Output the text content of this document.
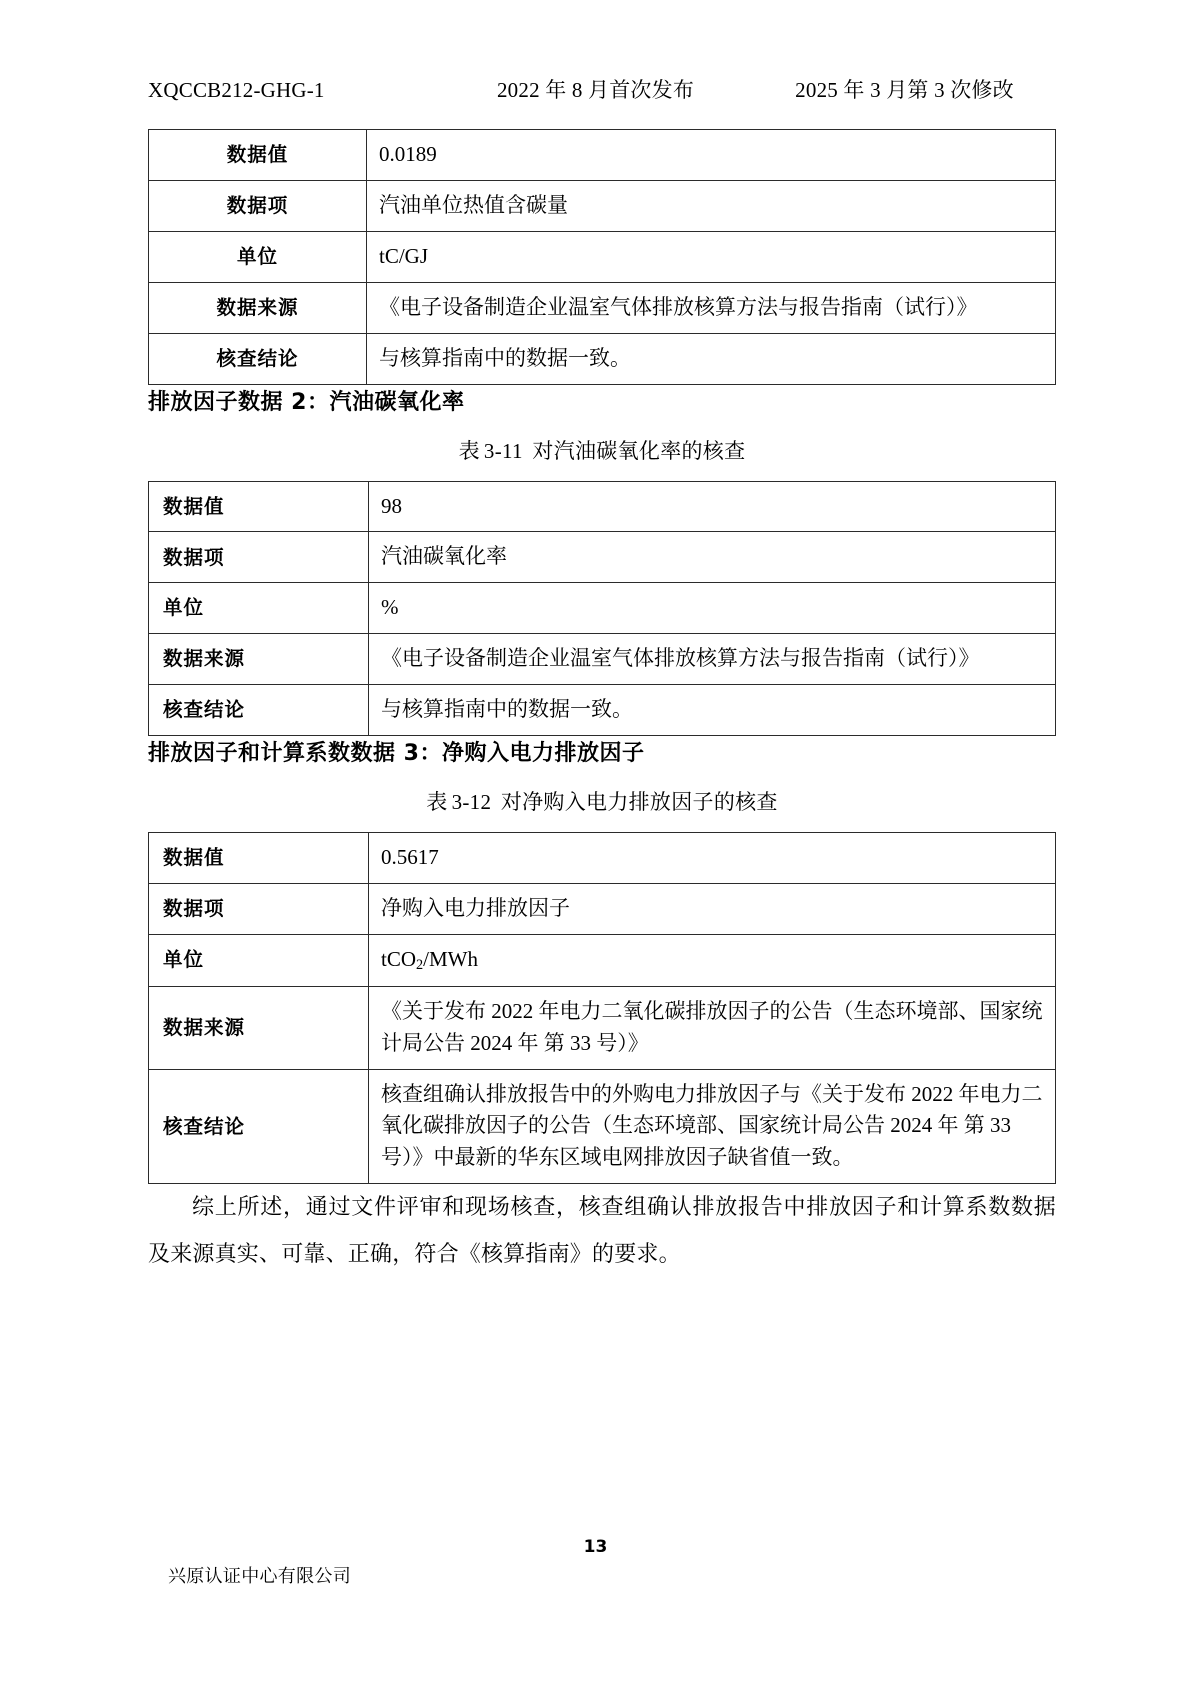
XQCCB212-GHG-1	2022 年 8 月首次发布	2025 年 3 月第 3 次修改
数据值	0.0189
数据项	汽油单位热值含碳量
单位	tC/GJ
数据来源	《电子设备制造企业温室气体排放核算方法与报告指南（试行）》
核查结论	与核算指南中的数据一致。
排放因子数据 2：汽油碳氧化率
表 3-11 对汽油碳氧化率的核查
数据值	98
数据项	汽油碳氧化率
单位	%
数据来源	《电子设备制造企业温室气体排放核算方法与报告指南（试行）》
核查结论	与核算指南中的数据一致。
排放因子和计算系数数据 3：净购入电力排放因子
表 3-12 对净购入电力排放因子的核查
数据值	0.5617
数据项	净购入电力排放因子
单位	tCO$_2$/MWh
数据来源	《关于发布 2022 年电力二氧化碳排放因子的公告（生态环境部、国家统计局公告 2024 年 第 33 号）》
核查结论	核查组确认排放报告中的外购电力排放因子与《关于发布 2022 年电力二氧化碳排放因子的公告（生态环境部、国家统计局公告 2024 年 第 33 号）》中最新的华东区域电网排放因子缺省值一致。

综上所述，通过文件评审和现场核查，核查组确认排放报告中排放因子和计算系数数据及来源真实、可靠、正确，符合《核算指南》的要求。

13
兴原认证中心有限公司
